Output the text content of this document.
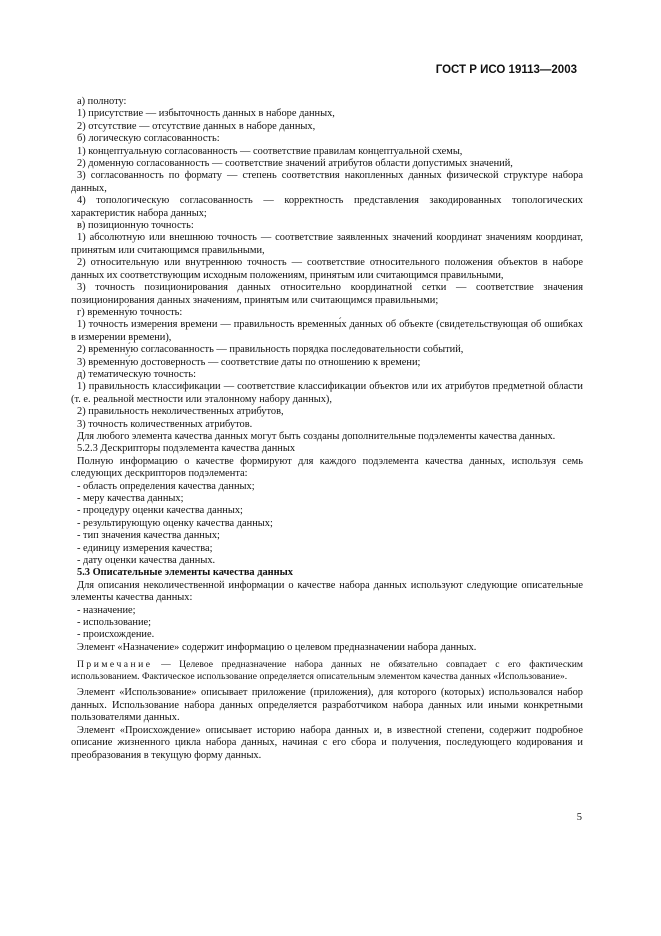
ГОСТ Р ИСО 19113—2003

а) полноту:

1) присутствие — избыточность данных в наборе данных,

2) отсутствие — отсутствие данных в наборе данных,

б) логическую согласованность:

1) концептуальную согласованность — соответствие правилам концептуальной схемы,

2) доменную согласованность — соответствие значений атрибутов области допустимых значений,

3) согласованность по формату — степень соответствия накопленных данных физической структуре набора данных,

4) топологическую согласованность — корректность представления закодированных топологических характеристик набора данных;

в) позиционную точность:

1) абсолютную или внешнюю точность — соответствие заявленных значений координат значениям координат, принятым или считающимся правильными,

2) относительную или внутреннюю точность — соответствие относительного положения объектов в наборе данных их соответствующим исходным положениям, принятым или считающимся правильными,

3) точность позиционирования данных относительно координатной сетки — соответствие значения позиционирования данных значениям, принятым или считающимся правильными;

г) временну́ю точность:

1) точность измерения времени — правильность временны́х данных об объекте (свидетельствующая об ошибках в измерении времени),

2) временну́ю согласованность — правильность порядка последовательности событий,

3) временну́ю достоверность — соответствие даты по отношению к времени;

д) тематическую точность:

1) правильность классификации — соответствие классификации объектов или их атрибутов предметной области (т. е. реальной местности или эталонному набору данных),

2) правильность неколичественных атрибутов,

3) точность количественных атрибутов.

Для любого элемента качества данных могут быть созданы дополнительные подэлементы качества данных.

5.2.3 Дескрипторы подэлемента качества данных

Полную информацию о качестве формируют для каждого подэлемента качества данных, используя семь следующих дескрипторов подэлемента:

- область определения качества данных;

- меру качества данных;

- процедуру оценки качества данных;

- результирующую оценку качества данных;

- тип значения качества данных;

- единицу измерения качества;

- дату оценки качества данных.

5.3 Описательные элементы качества данных

Для описания неколичественной информации о качестве набора данных используют следующие описательные элементы качества данных:

- назначение;

- использование;

- происхождение.

Элемент «Назначение» содержит информацию о целевом предназначении набора данных.

Примечание — Целевое предназначение набора данных не обязательно совпадает с его фактическим использованием. Фактическое использование определяется описательным элементом качества данных «Использование».

Элемент «Использование» описывает приложение (приложения), для которого (которых) использовался набор данных. Использование набора данных определяется разработчиком набора данных или иными конкретными пользователями данных.

Элемент «Происхождение» описывает историю набора данных и, в известной степени, содержит подробное описание жизненного цикла набора данных, начиная с его сбора и получения, последующего кодирования и преобразования в текущую форму данных.

5
